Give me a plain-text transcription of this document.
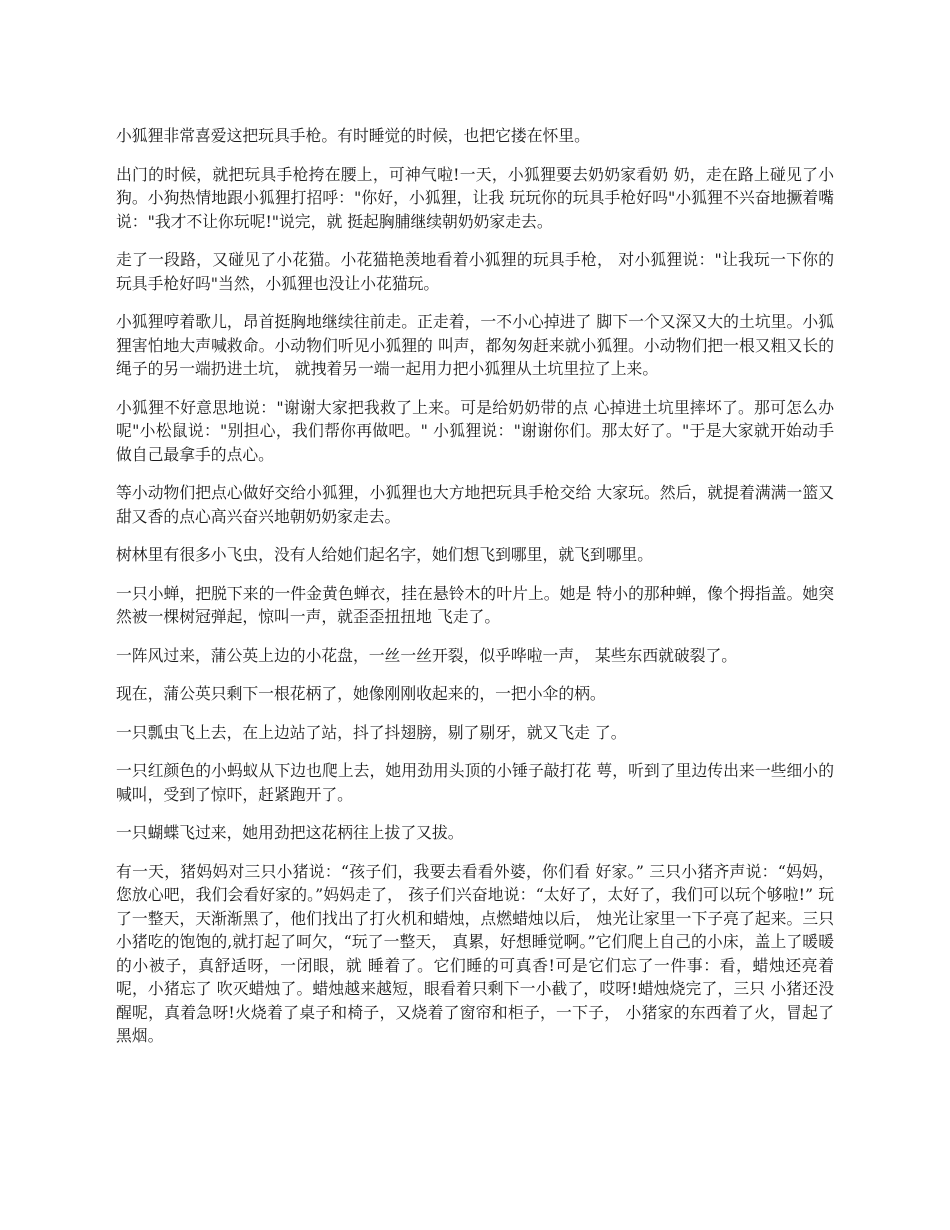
小狐狸非常喜爱这把玩具手枪。有时睡觉的时候，也把它搂在怀里。

出门的时候，就把玩具手枪挎在腰上，可神气啦!一天，小狐狸要去奶奶家看奶 奶，走在路上碰见了小狗。小狗热情地跟小狐狸打招呼："你好，小狐狸，让我 玩玩你的玩具手枪好吗"小狐狸不兴奋地撅着嘴说："我才不让你玩呢!"说完，就 挺起胸脯继续朝奶奶家走去。

走了一段路，又碰见了小花猫。小花猫艳羡地看着小狐狸的玩具手枪， 对小狐狸说："让我玩一下你的玩具手枪好吗"当然，小狐狸也没让小花猫玩。

小狐狸哼着歌儿，昂首挺胸地继续往前走。正走着，一不小心掉进了 脚下一个又深又大的土坑里。小狐狸害怕地大声喊救命。小动物们听见小狐狸的 叫声，都匆匆赶来就小狐狸。小动物们把一根又粗又长的绳子的另一端扔进土坑， 就拽着另一端一起用力把小狐狸从土坑里拉了上来。

小狐狸不好意思地说："谢谢大家把我救了上来。可是给奶奶带的点 心掉进土坑里摔坏了。那可怎么办呢"小松鼠说："别担心，我们帮你再做吧。" 小狐狸说："谢谢你们。那太好了。"于是大家就开始动手做自己最拿手的点心。

等小动物们把点心做好交给小狐狸，小狐狸也大方地把玩具手枪交给 大家玩。然后，就提着满满一篮又甜又香的点心高兴奋兴地朝奶奶家走去。

树林里有很多小飞虫，没有人给她们起名字，她们想飞到哪里，就飞到哪里。

一只小蝉，把脱下来的一件金黄色蝉衣，挂在悬铃木的叶片上。她是 特小的那种蝉，像个拇指盖。她突然被一棵树冠弹起，惊叫一声，就歪歪扭扭地 飞走了。

一阵风过来，蒲公英上边的小花盘，一丝一丝开裂，似乎哗啦一声， 某些东西就破裂了。

现在，蒲公英只剩下一根花柄了，她像刚刚收起来的，一把小伞的柄。

一只瓢虫飞上去，在上边站了站，抖了抖翅膀，剔了剔牙，就又飞走 了。

一只红颜色的小蚂蚁从下边也爬上去，她用劲用头顶的小锤子敲打花 萼，听到了里边传出来一些细小的喊叫，受到了惊吓，赶紧跑开了。

一只蝴蝶飞过来，她用劲把这花柄往上拔了又拔。

有一天，猪妈妈对三只小猪说：“孩子们，我要去看看外婆，你们看 好家。” 三只小猪齐声说：“妈妈，您放心吧，我们会看好家的。”妈妈走了， 孩子们兴奋地说：“太好了，太好了，我们可以玩个够啦!” 玩了一整天，天渐渐黑了，他们找出了打火机和蜡烛，点燃蜡烛以后， 烛光让家里一下子亮了起来。三只小猪吃的饱饱的,就打起了呵欠，“玩了一整天， 真累，好想睡觉啊。”它们爬上自己的小床，盖上了暖暖的小被子，真舒适呀，一闭眼，就 睡着了。它们睡的可真香!可是它们忘了一件事：看，蜡烛还亮着呢，小猪忘了 吹灭蜡烛了。蜡烛越来越短，眼看着只剩下一小截了，哎呀!蜡烛烧完了，三只 小猪还没醒呢，真着急呀!火烧着了桌子和椅子，又烧着了窗帘和柜子，一下子， 小猪家的东西着了火，冒起了黑烟。
